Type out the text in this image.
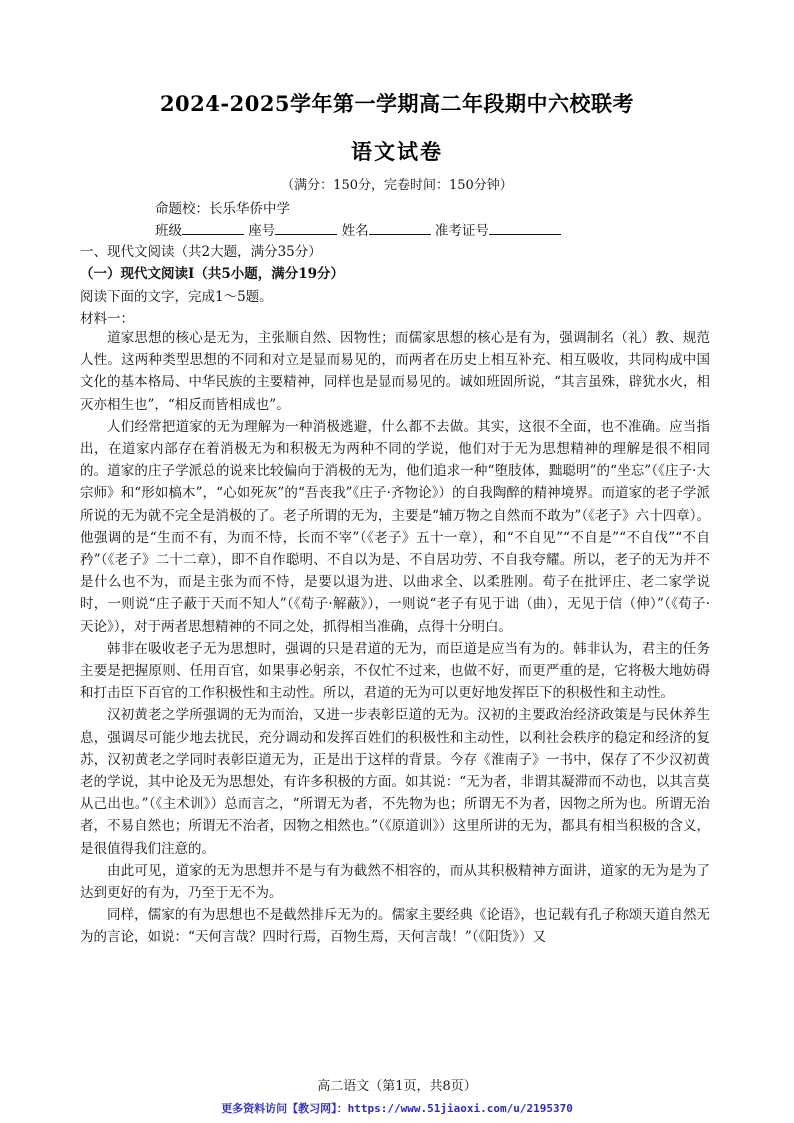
2024-2025学年第一学期高二年段期中六校联考
语文试卷
（满分：150分，完卷时间：150分钟）
命题校：长乐华侨中学
班级	座号	姓名	准考证号
一、现代文阅读（共2大题，满分35分）
（一）现代文阅读Ⅰ（共5小题，满分19分）
阅读下面的文字，完成1～5题。
材料一：

道家思想的核心是无为，主张顺自然、因物性；而儒家思想的核心是有为，强调制名（礼）教、规范人性。这两种类型思想的不同和对立是显而易见的，而两者在历史上相互补充、相互吸收，共同构成中国文化的基本格局、中华民族的主要精神，同样也是显而易见的。诚如班固所说，“其言虽殊，辟犹水火，相灭亦相生也”，“相反而皆相成也”。

人们经常把道家的无为理解为一种消极逃避，什么都不去做。其实，这很不全面，也不准确。应当指出，在道家内部存在着消极无为和积极无为两种不同的学说，他们对于无为思想精神的理解是很不相同的。道家的庄子学派总的说来比较偏向于消极的无为，他们追求一种“堕肢体，黜聪明”的“坐忘”（《庄子·大宗师》和“形如槁木”，“心如死灰”的“吾丧我”《庄子·齐物论》）的自我陶醉的精神境界。而道家的老子学派所说的无为就不完全是消极的了。老子所谓的无为，主要是“辅万物之自然而不敢为”（《老子》六十四章）。他强调的是“生而不有，为而不恃，长而不宰”（《老子》五十一章），和“不自见”“不自是”“不自伐”“不自矜”（《老子》二十二章），即不自作聪明、不自以为是、不自居功劳、不自我夸耀。所以，老子的无为并不是什么也不为，而是主张为而不恃，是要以退为进、以曲求全、以柔胜刚。荀子在批评庄、老二家学说时，一则说“庄子蔽于天而不知人”（《荀子·解蔽》），一则说“老子有见于诎（曲），无见于信（伸）”（《荀子·天论》），对于两者思想精神的不同之处，抓得相当准确，点得十分明白。

韩非在吸收老子无为思想时，强调的只是君道的无为，而臣道是应当有为的。韩非认为，君主的任务主要是把握原则、任用百官，如果事必躬亲，不仅忙不过来，也做不好，而更严重的是，它将极大地妨碍和打击臣下百官的工作积极性和主动性。所以，君道的无为可以更好地发挥臣下的积极性和主动性。

汉初黄老之学所强调的无为而治，又进一步表彰臣道的无为。汉初的主要政治经济政策是与民休养生息，强调尽可能少地去扰民，充分调动和发挥百姓们的积极性和主动性，以利社会秩序的稳定和经济的复苏，汉初黄老之学同时表彰臣道无为，正是出于这样的背景。今存《淮南子》一书中，保存了不少汉初黄老的学说，其中论及无为思想处，有许多积极的方面。如其说：“无为者，非谓其凝滞而不动也，以其言莫从己出也。”（《主术训》）总而言之，“所谓无为者，不先物为也；所谓无不为者，因物之所为也。所谓无治者，不易自然也；所谓无不治者，因物之相然也。”（《原道训》）这里所讲的无为，都具有相当积极的含义，是很值得我们注意的。

由此可见，道家的无为思想并不是与有为截然不相容的，而从其积极精神方面讲，道家的无为是为了达到更好的有为，乃至于无不为。

同样，儒家的有为思想也不是截然排斥无为的。儒家主要经典《论语》，也记载有孔子称颂天道自然无为的言论，如说：“天何言哉？四时行焉，百物生焉，天何言哉！”（《阳货》）又

高二语文（第1页，共8页）
更多资料访问【教习网】：https://www.51jiaoxi.com/u/2195370
